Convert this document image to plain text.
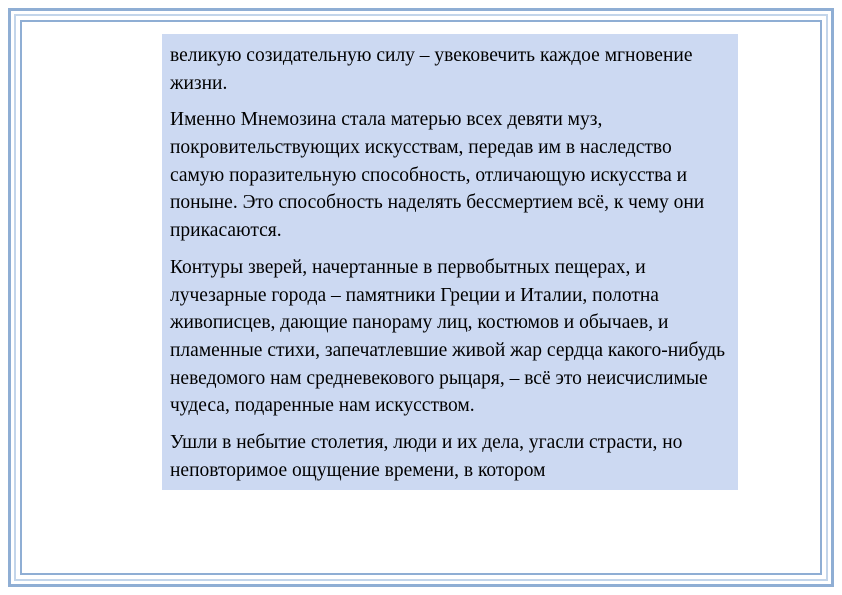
великую созидательную силу – увековечить каждое мгновение жизни.

Именно Мнемозина стала матерью всех девяти муз, покровительствующих искусствам, передав им в наследство самую поразительную способность, отличающую искусства и поныне. Это способность наделять бессмертием всё, к чему они прикасаются.

Контуры зверей, начертанные в первобытных пещерах, и лучезарные города – памятники Греции и Италии, полотна живописцев, дающие панораму лиц, костюмов и обычаев, и пламенные стихи, запечатлевшие живой жар сердца какого-нибудь неведомого нам средневекового рыцаря, – всё это неисчислимые чудеса, подаренные нам искусством.

Ушли в небытие столетия, люди и их дела, угасли страсти, но неповторимое ощущение времени, в котором
